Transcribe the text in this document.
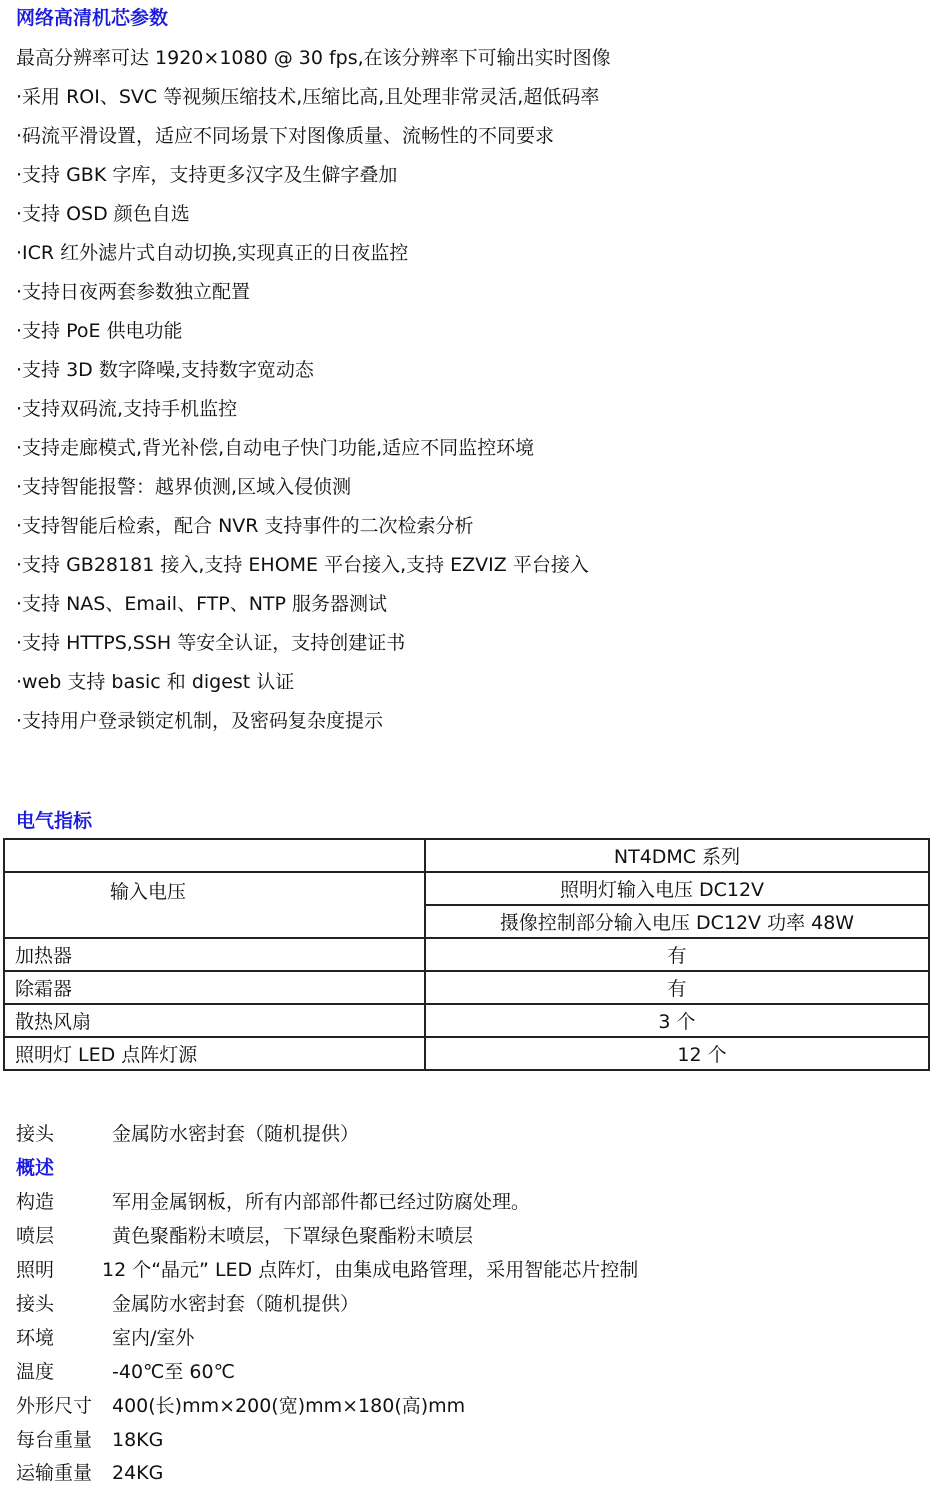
网络高清机芯参数
最高分辨率可达 1920×1080 @ 30 fps,在该分辨率下可输出实时图像
·采用 ROI、SVC 等视频压缩技术,压缩比高,且处理非常灵活,超低码率
·码流平滑设置，适应不同场景下对图像质量、流畅性的不同要求
·支持 GBK 字库，支持更多汉字及生僻字叠加
·支持 OSD 颜色自选
·ICR 红外滤片式自动切换,实现真正的日夜监控
·支持日夜两套参数独立配置
·支持 PoE 供电功能
·支持 3D 数字降噪,支持数字宽动态
·支持双码流,支持手机监控
·支持走廊模式,背光补偿,自动电子快门功能,适应不同监控环境
·支持智能报警：越界侦测,区域入侵侦测
·支持智能后检索，配合 NVR 支持事件的二次检索分析
·支持 GB28181 接入,支持 EHOME 平台接入,支持 EZVIZ 平台接入
·支持 NAS、Email、FTP、NTP 服务器测试
·支持 HTTPS,SSH 等安全认证，支持创建证书
·web 支持 basic 和 digest 认证
·支持用户登录锁定机制，及密码复杂度提示
电气指标
	NT4DMC 系列
输入电压	照明灯输入电压 DC12V
	摄像控制部分输入电压 DC12V 功率 48W
加热器	有
除霜器	有
散热风扇	3 个
照明灯 LED 点阵灯源	12 个
接头	金属防水密封套（随机提供）
概述
构造	军用金属钢板，所有内部部件都已经过防腐处理。
喷层	黄色聚酯粉末喷层，下罩绿色聚酯粉末喷层
照明	12 个“晶元” LED 点阵灯，由集成电路管理，采用智能芯片控制
接头	金属防水密封套（随机提供）
环境	室内/室外
温度	-40℃至 60℃
外形尺寸 400(长)mm×200(宽)mm×180(高)mm
每台重量 18KG
运输重量 24KG
